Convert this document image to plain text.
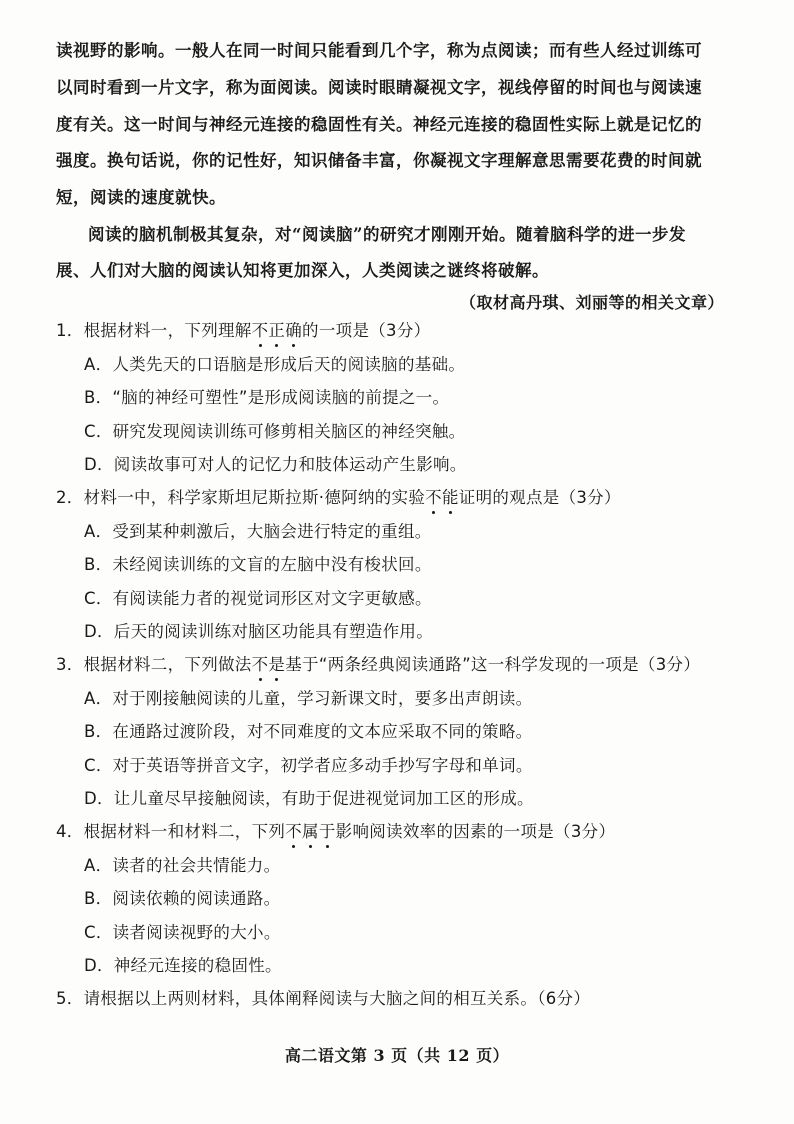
读视野的影响。一般人在同一时间只能看到几个字，称为点阅读；而有些人经过训练可
以同时看到一片文字，称为面阅读。阅读时眼睛凝视文字，视线停留的时间也与阅读速
度有关。这一时间与神经元连接的稳固性有关。神经元连接的稳固性实际上就是记忆的
强度。换句话说，你的记性好，知识储备丰富，你凝视文字理解意思需要花费的时间就
短，阅读的速度就快。
阅读的脑机制极其复杂，对“阅读脑”的研究才刚刚开始。随着脑科学的进一步发
展、人们对大脑的阅读认知将更加深入，人类阅读之谜终将破解。
（取材高丹琪、刘丽等的相关文章）
1．根据材料一，下列理解不正确的一项是（3分）
A．人类先天的口语脑是形成后天的阅读脑的基础。
B．“脑的神经可塑性”是形成阅读脑的前提之一。
C．研究发现阅读训练可修剪相关脑区的神经突触。
D．阅读故事可对人的记忆力和肢体运动产生影响。
2．材料一中，科学家斯坦尼斯拉斯·德阿纳的实验不能证明的观点是（3分）
A．受到某种刺激后，大脑会进行特定的重组。
B．未经阅读训练的文盲的左脑中没有梭状回。
C．有阅读能力者的视觉词形区对文字更敏感。
D．后天的阅读训练对脑区功能具有塑造作用。
3．根据材料二，下列做法不是基于“两条经典阅读通路”这一科学发现的一项是（3分）
A．对于刚接触阅读的儿童，学习新课文时，要多出声朗读。
B．在通路过渡阶段，对不同难度的文本应采取不同的策略。
C．对于英语等拼音文字，初学者应多动手抄写字母和单词。
D．让儿童尽早接触阅读，有助于促进视觉词加工区的形成。
4．根据材料一和材料二，下列不属于影响阅读效率的因素的一项是（3分）
A．读者的社会共情能力。
B．阅读依赖的阅读通路。
C．读者阅读视野的大小。
D．神经元连接的稳固性。
5．请根据以上两则材料，具体阐释阅读与大脑之间的相互关系。（6分）
高二语文第 3 页（共 12 页）
